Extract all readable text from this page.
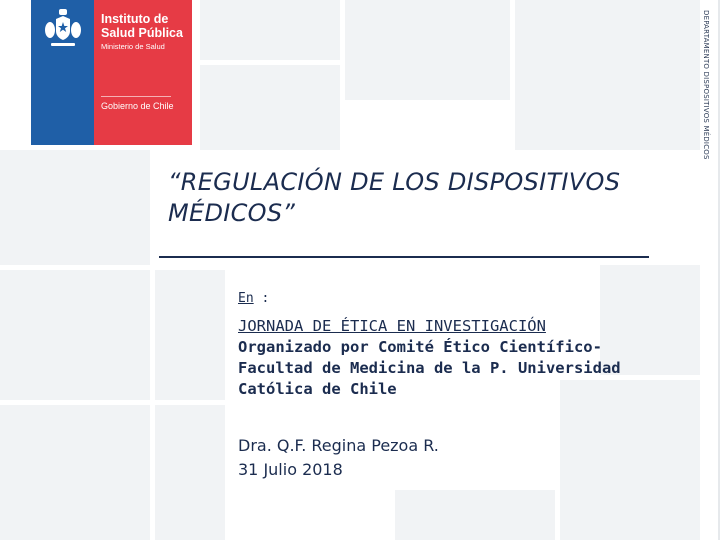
Instituto de Salud Pública
Ministerio de Salud
Gobierno de Chile	DEPARTAMENTO DISPOSITIVOS MÉDICOS
“REGULACIÓN DE LOS DISPOSITIVOS MÉDICOS”
En :
JORNADA DE ÉTICA EN INVESTIGACIÓN
Organizado por Comité Ético Científico- Facultad de Medicina de la P. Universidad Católica de Chile
Dra. Q.F. Regina Pezoa R.
31 Julio 2018
